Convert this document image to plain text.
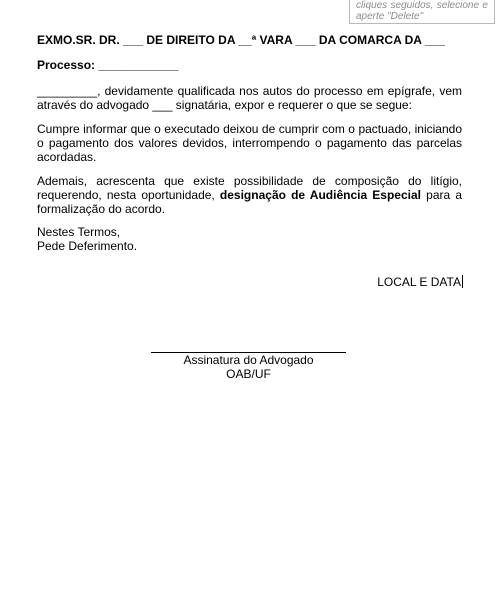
cliques seguidos, selecione e
aperte "Delete"
EXMO.SR. DR. ___ DE DIREITO DA __ª VARA ___ DA COMARCA DA ___
Processo: ____________
_________, devidamente qualificada nos autos do processo em epígrafe, vem através do advogado ___ signatária, expor e requerer o que se segue:
Cumpre informar que o executado deixou de cumprir com o pactuado, iniciando o pagamento dos valores devidos, interrompendo o pagamento das parcelas acordadas.
Ademais, acrescenta que existe possibilidade de composição do litígio, requerendo, nesta oportunidade, designação de Audiência Especial para a formalização do acordo.
Nestes Termos,
Pede Deferimento.
LOCAL E DATA
Assinatura do Advogado
OAB/UF
